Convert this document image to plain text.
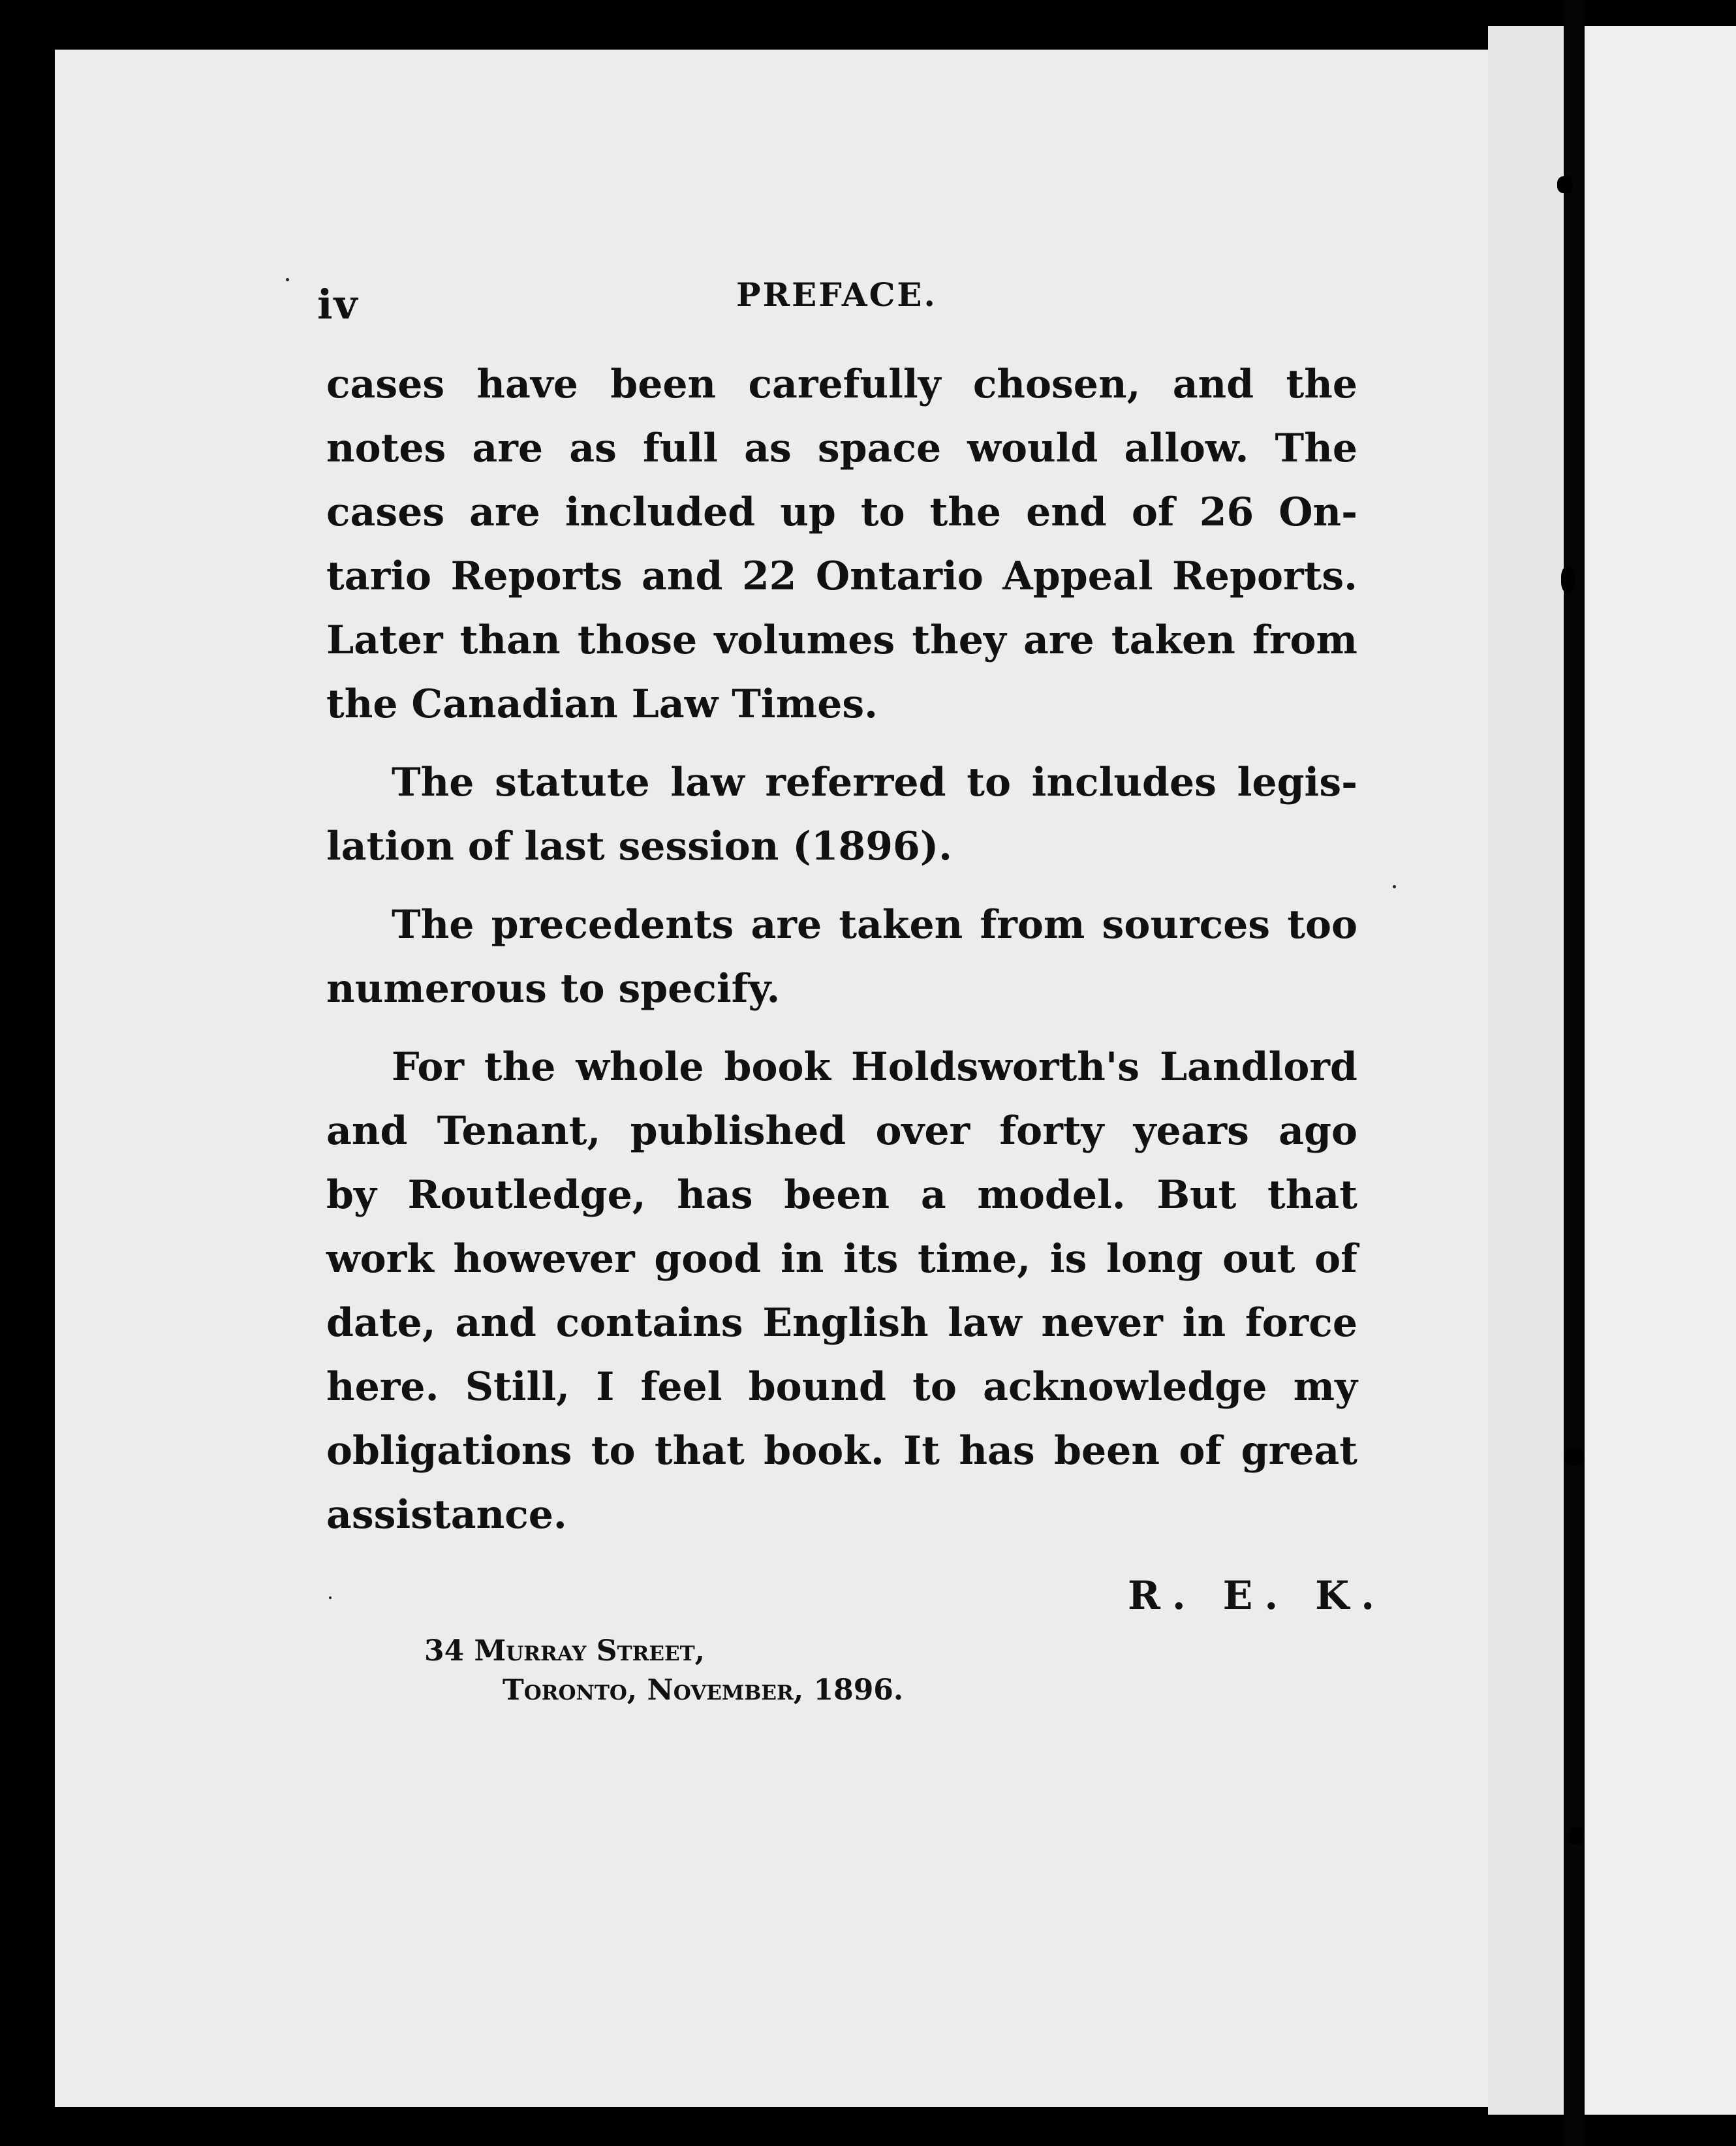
iv	PREFACE.
cases have been carefully chosen, and the
notes are as full as space would allow. The
cases are included up to the end of 26 On-
tario Reports and 22 Ontario Appeal Reports.
Later than those volumes they are taken from
the Canadian Law Times.
The statute law referred to includes legis-
lation of last session (1896).
The precedents are taken from sources too
numerous to specify.
For the whole book Holdsworth's Landlord
and Tenant, published over forty years ago
by Routledge, has been a model. But that
work however good in its time, is long out of
date, and contains English law never in force
here. Still, I feel bound to acknowledge my
obligations to that book. It has been of great
assistance.
R. E. K.
34 Murray Street,
Toronto, November, 1896.
